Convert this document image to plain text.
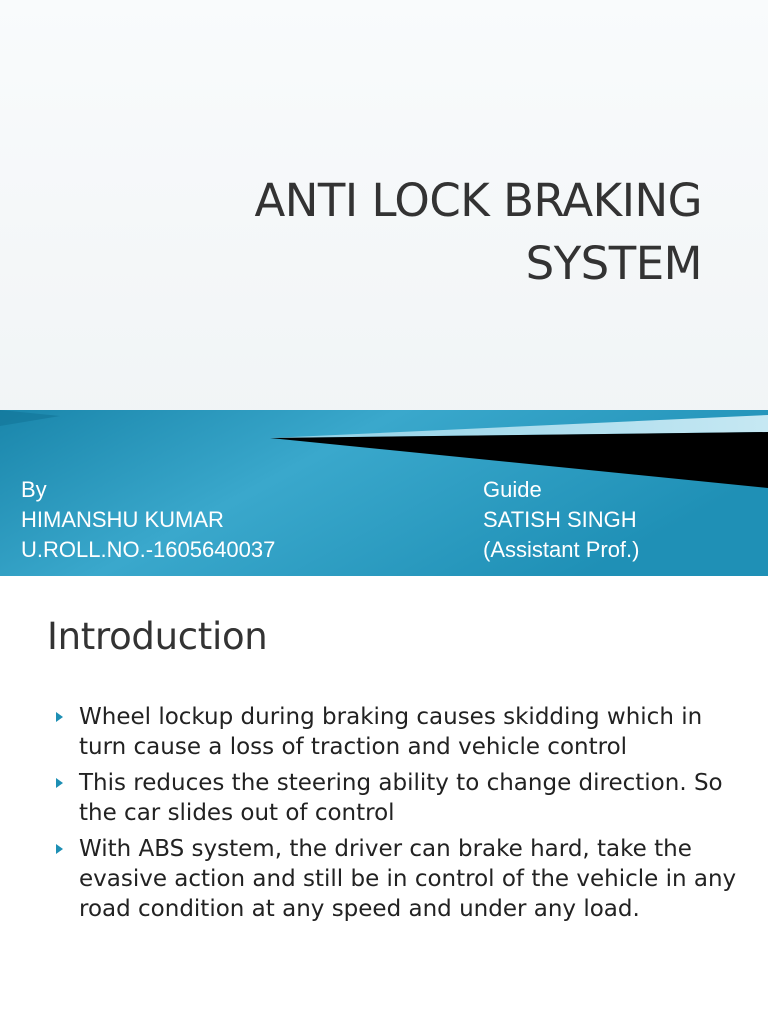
ANTI LOCK BRAKING
SYSTEM
By
HIMANSHU KUMAR
U.ROLL.NO.-1605640037
Guide
SATISH SINGH
(Assistant Prof.)
Introduction
Wheel lockup during braking causes skidding which in turn cause a loss of traction and vehicle control
This reduces the steering ability to change direction. So the car slides out of control
With ABS system, the driver can brake hard, take the evasive action and still be in control of the vehicle in any road condition at any speed and under any load.
